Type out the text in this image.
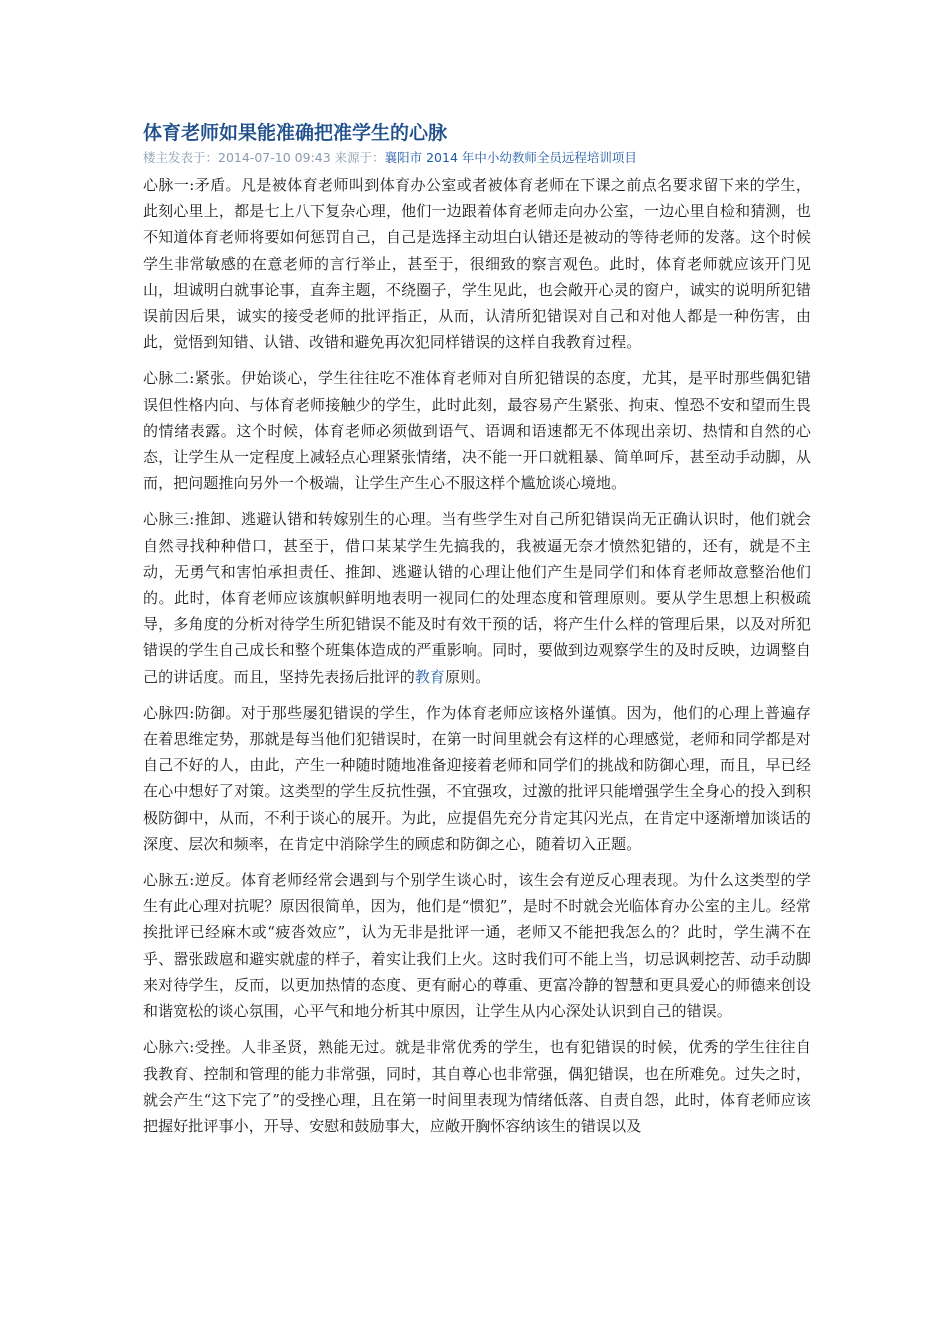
体育老师如果能准确把准学生的心脉
楼主发表于：2014-07-10 09:43 来源于：襄阳市 2014 年中小幼教师全员远程培训项目

心脉一:矛盾。凡是被体育老师叫到体育办公室或者被体育老师在下课之前点名要求留下来的学生，此刻心里上，都是七上八下复杂心理，他们一边跟着体育老师走向办公室，一边心里自检和猜测，也不知道体育老师将要如何惩罚自己，自己是选择主动坦白认错还是被动的等待老师的发落。这个时候学生非常敏感的在意老师的言行举止，甚至于，很细致的察言观色。此时，体育老师就应该开门见山，坦诚明白就事论事，直奔主题，不绕圈子，学生见此，也会敞开心灵的窗户，诚实的说明所犯错误前因后果，诚实的接受老师的批评指正，从而，认清所犯错误对自己和对他人都是一种伤害，由此，觉悟到知错、认错、改错和避免再次犯同样错误的这样自我教育过程。

心脉二:紧张。伊始谈心，学生往往吃不准体育老师对自所犯错误的态度，尤其，是平时那些偶犯错误但性格内向、与体育老师接触少的学生，此时此刻，最容易产生紧张、拘束、惶恐不安和望而生畏的情绪表露。这个时候，体育老师必须做到语气、语调和语速都无不体现出亲切、热情和自然的心态，让学生从一定程度上减轻点心理紧张情绪，决不能一开口就粗暴、简单呵斥，甚至动手动脚，从而，把问题推向另外一个极端，让学生产生心不服这样个尴尬谈心境地。

心脉三:推卸、逃避认错和转嫁别生的心理。当有些学生对自己所犯错误尚无正确认识时，他们就会自然寻找种种借口，甚至于，借口某某学生先搞我的，我被逼无奈才愤然犯错的，还有，就是不主动，无勇气和害怕承担责任、推卸、逃避认错的心理让他们产生是同学们和体育老师故意整治他们的。此时，体育老师应该旗帜鲜明地表明一视同仁的处理态度和管理原则。要从学生思想上积极疏导，多角度的分析对待学生所犯错误不能及时有效干预的话，将产生什么样的管理后果，以及对所犯错误的学生自己成长和整个班集体造成的严重影响。同时，要做到边观察学生的及时反映，边调整自己的讲话度。而且，坚持先表扬后批评的教育原则。

心脉四:防御。对于那些屡犯错误的学生，作为体育老师应该格外谨慎。因为，他们的心理上普遍存在着思维定势，那就是每当他们犯错误时，在第一时间里就会有这样的心理感觉，老师和同学都是对自己不好的人，由此，产生一种随时随地准备迎接着老师和同学们的挑战和防御心理，而且，早已经在心中想好了对策。这类型的学生反抗性强，不宜强攻，过激的批评只能增强学生全身心的投入到积极防御中，从而，不利于谈心的展开。为此，应提倡先充分肯定其闪光点，在肯定中逐渐增加谈话的深度、层次和频率，在肯定中消除学生的顾虑和防御之心，随着切入正题。

心脉五:逆反。体育老师经常会遇到与个别学生谈心时，该生会有逆反心理表现。为什么这类型的学生有此心理对抗呢？原因很简单，因为，他们是“惯犯”，是时不时就会光临体育办公室的主儿。经常挨批评已经麻木或“疲沓效应”，认为无非是批评一通，老师又不能把我怎么的？此时，学生满不在乎、嚣张跋扈和避实就虚的样子，着实让我们上火。这时我们可不能上当，切忌讽刺挖苦、动手动脚来对待学生，反而，以更加热情的态度、更有耐心的尊重、更富冷静的智慧和更具爱心的师德来创设和谐宽松的谈心氛围，心平气和地分析其中原因，让学生从内心深处认识到自己的错误。

心脉六:受挫。人非圣贤，熟能无过。就是非常优秀的学生，也有犯错误的时候，优秀的学生往往自我教育、控制和管理的能力非常强，同时，其自尊心也非常强，偶犯错误，也在所难免。过失之时，就会产生“这下完了”的受挫心理，且在第一时间里表现为情绪低落、自责自怨，此时，体育老师应该把握好批评事小，开导、安慰和鼓励事大，应敞开胸怀容纳该生的错误以及
